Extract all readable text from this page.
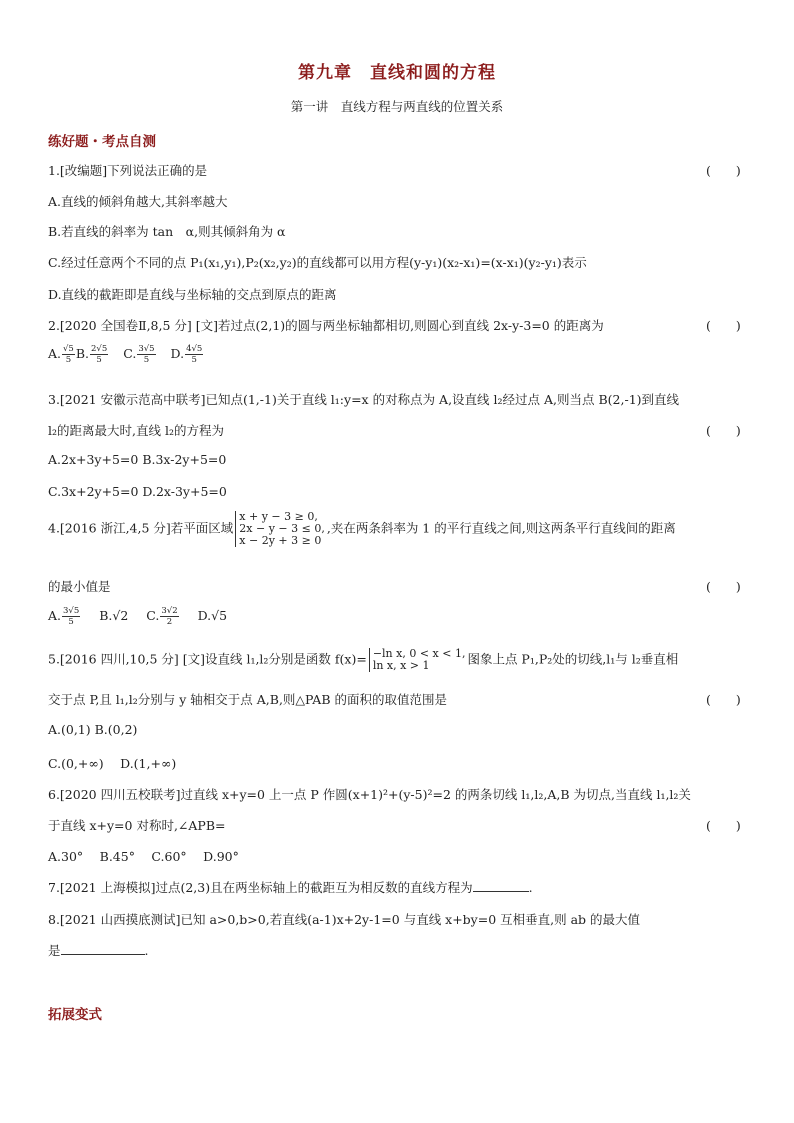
第九章　直线和圆的方程
第一讲　直线方程与两直线的位置关系
练好题・考点自测
1.[改编题]下列说法正确的是	(　　)
A.直线的倾斜角越大,其斜率越大
B.若直线的斜率为 tan　α,则其倾斜角为 α
C.经过任意两个不同的点 P₁(x₁,y₁),P₂(x₂,y₂)的直线都可以用方程(y-y₁)(x₂-x₁)=(x-x₁)(y₂-y₁)表示
D.直线的截距即是直线与坐标轴的交点到原点的距离
2.[2020 全国卷Ⅱ,8,5 分] [文]若过点(2,1)的圆与两坐标轴都相切,则圆心到直线 2x-y-3=0 的距离为	(　　)
A. $\frac{√5}{5} B$. $\frac{2√5}{5} C$. $\frac{3√5}{5} D$. $\frac{4√5}{5}$
3.[2021 安徽示范高中联考]已知点(1,-1)关于直线 l₁:y=x 的对称点为 A,设直线 l₂经过点 A,则当点 B(2,-1)到直线
l₂的距离最大时,直线 l₂的方程为	(　　)
A.2x+3y+5=0 B.3x-2y+5=0
C.3x+2y+5=0 D.2x-3y+5=0
4.[2016 浙江,4,5 分]若平面区域
x + y − 3 ≥ 0,
2x − y − 3 ≤ 0,
x − 2y + 3 ≥ 0
,夹在两条斜率为 1 的平行直线之间,则这两条平行直线间的距离
的最小值是	(　　)
A. $\frac{3√5}{5} B.√2$ C. $\frac{3√2}{2} D.√5$
5.[2016 四川,10,5 分] [文]设直线 l₁,l₂分别是函数 f(x)= −ln x, 0 < x < 1,
ln x, x > 1	图象上点 P₁,P₂处的切线,l₁与 l₂垂直相
交于点 P,且 l₁,l₂分别与 y 轴相交于点 A,B,则△PAB 的面积的取值范围是	(　　)
A.(0,1) B.(0,2)
C.(0,+∞)　 D.(1,+∞)
6.[2020 四川五校联考]过直线 x+y=0 上一点 P 作圆(x+1)²+(y-5)²=2 的两条切线 l₁,l₂,A,B 为切点,当直线 l₁,l₂关
于直线 x+y=0 对称时,∠APB=	(　　)
A.30° 　B.45° 　C.60° 　D.90°
7.[2021 上海模拟]过点(2,3)且在两坐标轴上的截距互为相反数的直线方程为	.
8.[2021 山西摸底测试]已知 a>0,b>0,若直线(a-1)x+2y-1=0 与直线 x+by=0 互相垂直,则 ab 的最大值
是	.
拓展变式
